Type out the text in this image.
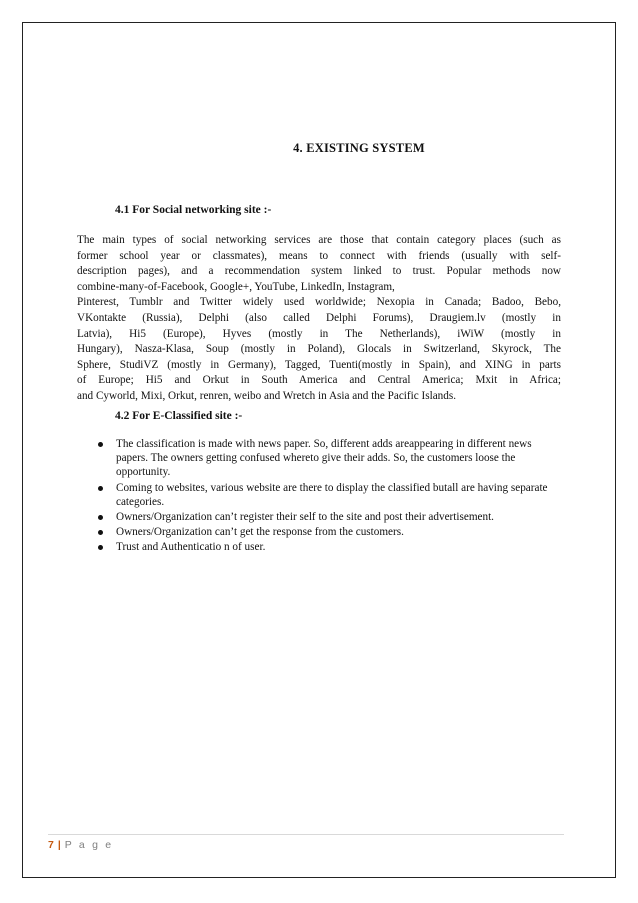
4. EXISTING SYSTEM
4.1 For Social networking site :-
The main types of social networking services are those that contain category places (such as
former school year or classmates), means to connect with friends (usually with self-
description pages), and a recommendation system linked to trust. Popular methods now
combine-many-of-Facebook, Google+, YouTube, LinkedIn, Instagram,
Pinterest, Tumblr and Twitter widely used worldwide; Nexopia in Canada; Badoo, Bebo,
VKontakte (Russia), Delphi (also called Delphi Forums), Draugiem.lv (mostly in
Latvia), Hi5 (Europe), Hyves (mostly in The Netherlands), iWiW (mostly in
Hungary), Nasza-Klasa, Soup (mostly in Poland), Glocals in Switzerland, Skyrock, The
Sphere, StudiVZ (mostly in Germany), Tagged, Tuenti(mostly in Spain), and XING in parts
of Europe; Hi5 and Orkut in South America and Central America; Mxit in Africa;
and Cyworld, Mixi, Orkut, renren, weibo and Wretch in Asia and the Pacific Islands.
4.2 For E-Classified site :-
The classification is made with news paper. So, different adds areappearing in different news papers. The owners getting confused whereto give their adds. So, the customers loose the opportunity.
Coming to websites, various website are there to display the classified butall are having separate categories.
Owners/Organization can’t register their self to the site and post their advertisement.
Owners/Organization can’t get the response from the customers.
Trust and Authenticatio n of user.
7 | P a g e
